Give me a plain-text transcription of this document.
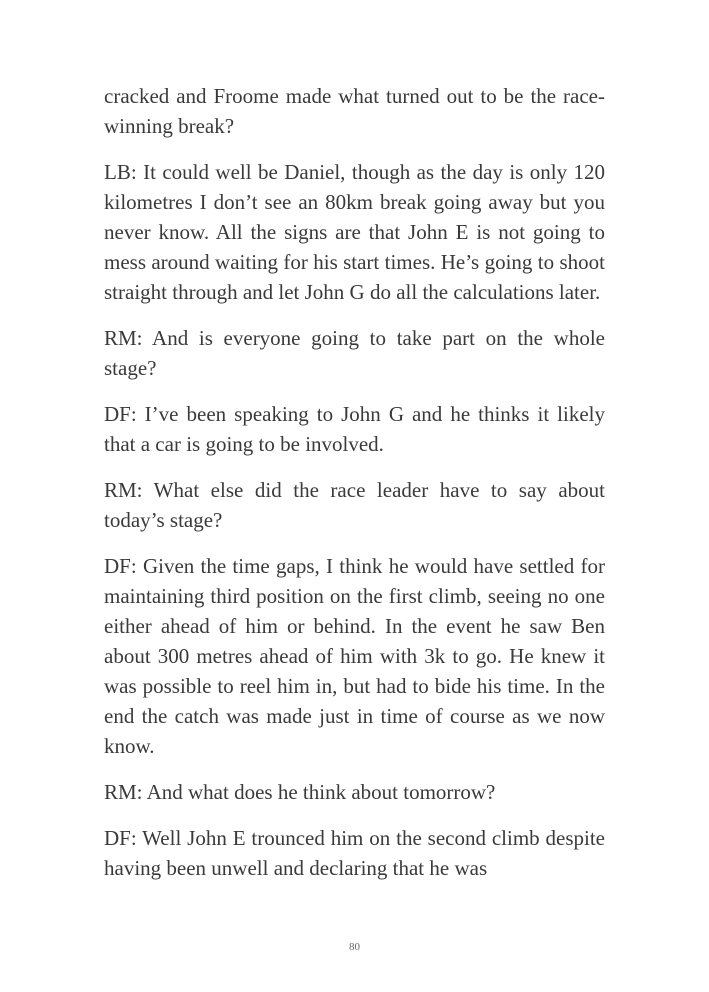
cracked and Froome made what turned out to be the race-winning break?

LB: It could well be Daniel, though as the day is only 120 kilometres I don’t see an 80km break going away but you never know. All the signs are that John E is not going to mess around waiting for his start times. He’s going to shoot straight through and let John G do all the calculations later.

RM: And is everyone going to take part on the whole stage?

DF: I’ve been speaking to John G and he thinks it likely that a car is going to be involved.

RM: What else did the race leader have to say about today’s stage?

DF: Given the time gaps, I think he would have settled for maintaining third position on the first climb, seeing no one either ahead of him or behind. In the event he saw Ben about 300 metres ahead of him with 3k to go. He knew it was possible to reel him in, but had to bide his time. In the end the catch was made just in time of course as we now know.

RM: And what does he think about tomorrow?

DF: Well John E trounced him on the second climb despite having been unwell and declaring that he was

80
